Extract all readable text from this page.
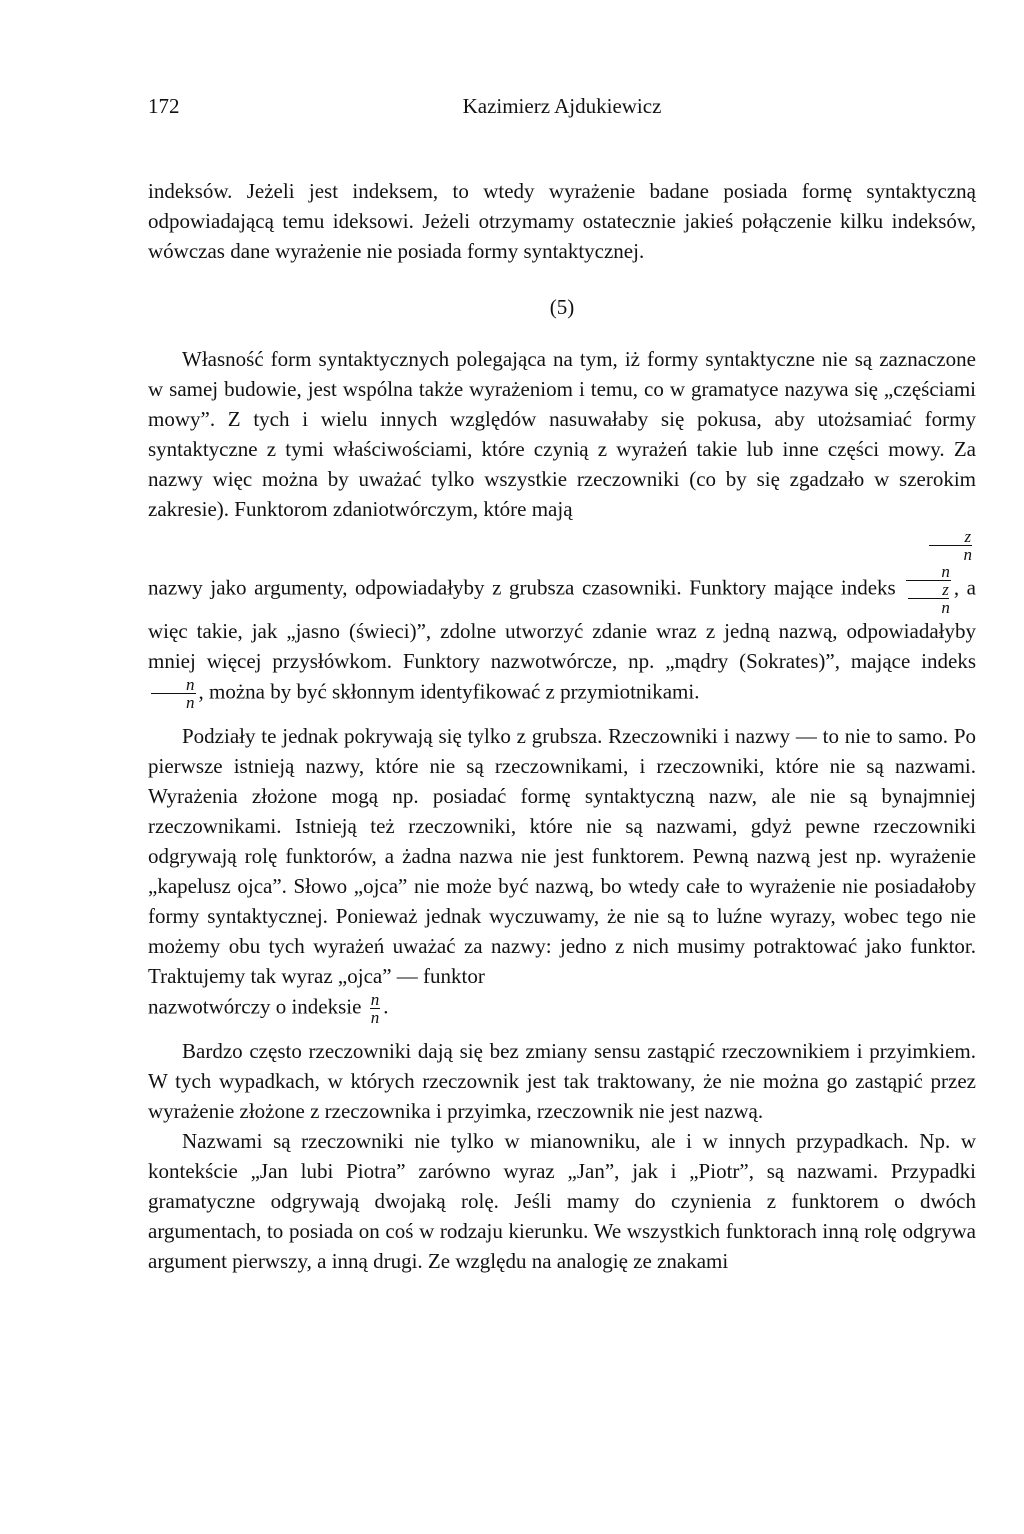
172	Kazimierz Ajdukiewicz

indeksów. Jeżeli jest indeksem, to wtedy wyrażenie badane posiada formę syntaktyczną odpowiadającą temu ideksowi. Jeżeli otrzymamy ostatecznie jakieś połączenie kilku indeksów, wówczas dane wyrażenie nie posiada formy syntaktycznej.

(5)

Własność form syntaktycznych polegająca na tym, iż formy syntaktyczne nie są zaznaczone w samej budowie, jest wspólna także wyrażeniom i temu, co w gramatyce nazywa się „częściami mowy”. Z tych i wielu innych względów nasuwałaby się pokusa, aby utożsamiać formy syntaktyczne z tymi właściwościami, które czynią z wyrażeń takie lub inne części mowy. Za nazwy więc można by uważać tylko wszystkie rzeczowniki (co by się zgadzało w szerokim zakresie). Funktorom zdaniotwórczym, które mają
$\frac{z}{n}$
nazwy jako argumenty, odpowiadałyby z grubsza czasowniki. Funktory mające indeks
n
z
n
, a więc takie, jak „jasno (świeci)”, zdolne utworzyć zdanie wraz z jedną nazwą, odpowiadałyby mniej więcej przysłówkom. Funktory nazwotwórcze, np. „mądry (Sokrates)”, mające indeks
$\frac{n}{n}$ , można by być skłonnym identyfikować z przymiotnikami.

Podziały te jednak pokrywają się tylko z grubsza. Rzeczowniki i nazwy — to nie to samo. Po pierwsze istnieją nazwy, które nie są rzeczownikami, i rzeczowniki, które nie są nazwami. Wyrażenia złożone mogą np. posiadać formę syntaktyczną nazw, ale nie są bynajmniej rzeczownikami. Istnieją też rzeczowniki, które nie są nazwami, gdyż pewne rzeczowniki odgrywają rolę funktorów, a żadna nazwa nie jest funktorem. Pewną nazwą jest np. wyrażenie „kapelusz ojca”. Słowo „ojca” nie może być nazwą, bo wtedy całe to wyrażenie nie posiadałoby formy syntaktycznej. Ponieważ jednak wyczuwamy, że nie są to luźne wyrazy, wobec tego nie możemy obu tych wyrażeń uważać za nazwy: jedno z nich musimy potraktować jako funktor. Traktujemy tak wyraz „ojca” — funktor
nazwotwórczy o indeksie $\frac{n}{n}$ .

Bardzo często rzeczowniki dają się bez zmiany sensu zastąpić rzeczownikiem i przyimkiem. W tych wypadkach, w których rzeczownik jest tak traktowany, że nie można go zastąpić przez wyrażenie złożone z rzeczownika i przyimka, rzeczownik nie jest nazwą.

Nazwami są rzeczowniki nie tylko w mianowniku, ale i w innych przypadkach. Np. w kontekście „Jan lubi Piotra” zarówno wyraz „Jan”, jak i „Piotr”, są nazwami. Przypadki gramatyczne odgrywają dwojaką rolę. Jeśli mamy do czynienia z funktorem o dwóch argumentach, to posiada on coś w rodzaju kierunku. We wszystkich funktorach inną rolę odgrywa argument pierwszy, a inną drugi. Ze względu na analogię ze znakami
